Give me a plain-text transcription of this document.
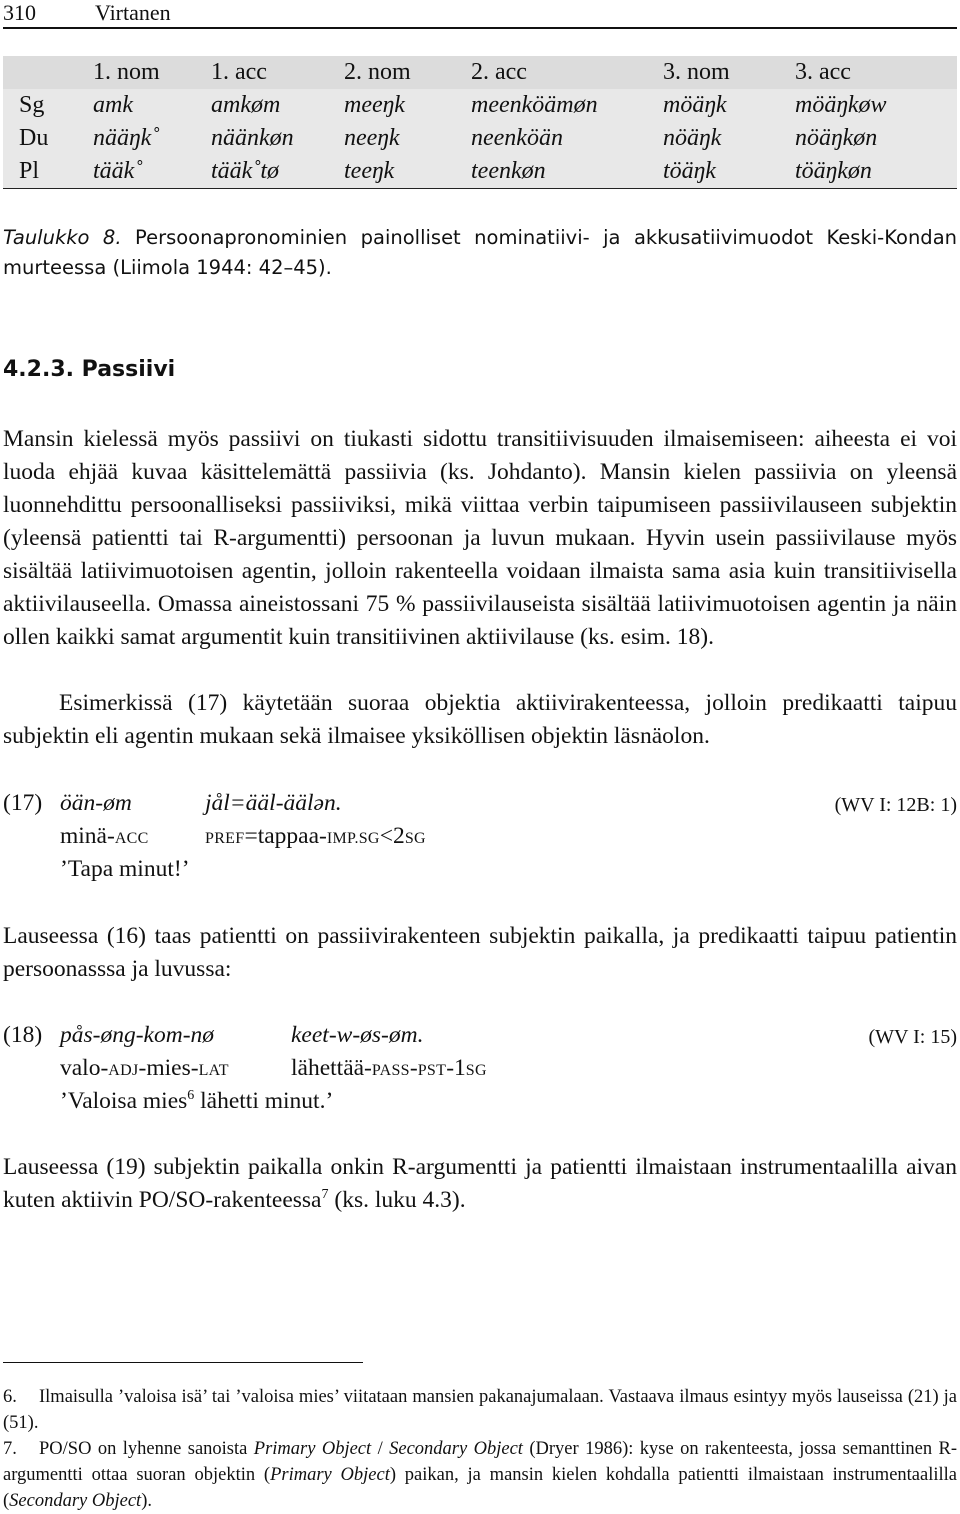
310	Virtanen
	1. nom	1. acc	2. nom	2. acc	3. nom	3. acc
Sg	amk	amkøm	meeŋk	meenköämøn	möäŋk	möäŋkøw
Du	nääŋk˚	näänkøn	neeŋk	neenköän	nöäŋk	nöäŋkøn
Pl	tääk˚	tääk˚tø	teeŋk	teenkøn	töäŋk	töäŋkøn
Taulukko 8. Persoonapronominien painolliset nominatiivi- ja akkusatiivimuodot Keski-Kondan murteessa (Liimola 1944: 42–45).
4.2.3. Passiivi
Mansin kielessä myös passiivi on tiukasti sidottu transitiivisuuden ilmaisemiseen: aiheesta ei voi luoda ehjää kuvaa käsittelemättä passiivia (ks. Johdanto). Mansin kielen passiivia on yleensä luonnehdittu persoonalliseksi passiiviksi, mikä viittaa verbin taipumiseen passiivilauseen subjektin (yleensä patientti tai R-argumentti) persoonan ja luvun mukaan. Hyvin usein passiivilause myös sisältää latiivimuotoisen agentin, jolloin rakenteella voidaan ilmaista sama asia kuin transitiivisella aktiivilauseella. Omassa aineistossani 75 % passiivilauseista sisältää latiivimuotoisen agentin ja näin ollen kaikki samat argumentit kuin transitiivinen aktiivilause (ks. esim. 18).
Esimerkissä (17) käytetään suoraa objektia aktiivirakenteessa, jolloin predikaatti taipuu subjektin eli agentin mukaan sekä ilmaisee yksiköllisen objektin läsnäolon.
(17) öän-øm	jål=ääl-äälən.	(WV I: 12B: 1)
minä-ACC	PREF=tappaa-IMP.SG<2SG
’Tapa minut!’
Lauseessa (16) taas patientti on passiivirakenteen subjektin paikalla, ja predikaatti taipuu patientin persoonasssa ja luvussa:
(18) pås-øng-kom-nø	keet-w-øs-øm.	(WV I: 15)
valo-ADJ-mies-LAT	lähettää-PASS-PST-1SG
’Valoisa mies$^6$ lähetti minut.’
Lauseessa (19) subjektin paikalla onkin R-argumentti ja patientti ilmaistaan instrumentaalilla aivan kuten aktiivin PO/SO-rakenteessa$^7$ (ks. luku 4.3).
6. Ilmaisulla ’valoisa isä’ tai ’valoisa mies’ viitataan mansien pakanajumalaan. Vastaava ilmaus esintyy myös lauseissa (21) ja (51).
7. PO/SO on lyhenne sanoista Primary Object / Secondary Object (Dryer 1986): kyse on rakenteesta, jossa semanttinen R-argumentti ottaa suoran objektin (Primary Object) paikan, ja mansin kielen kohdalla patientti ilmaistaan instrumentaalilla (Secondary Object).
